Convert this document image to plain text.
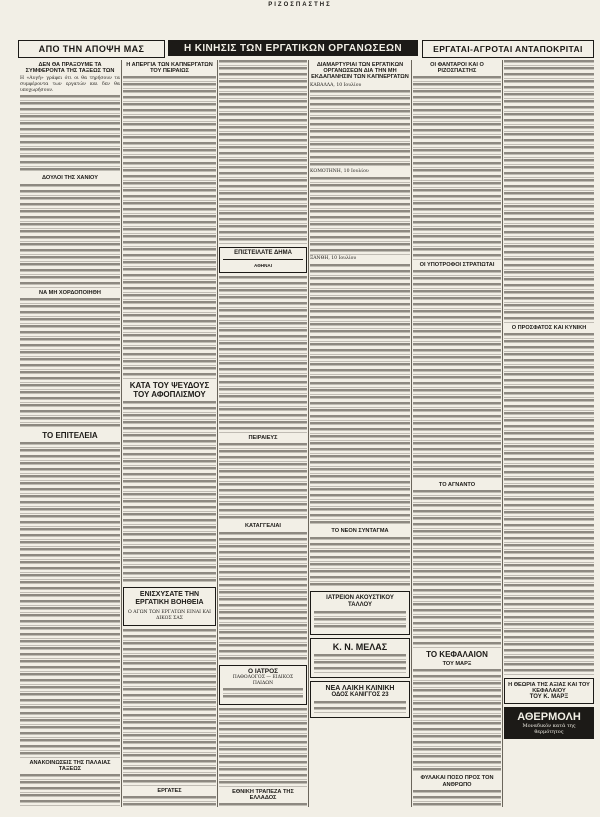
ΡΙΖΟΣΠΑΣΤΗΣ
ΑΠΟ ΤΗΝ ΑΠΟΨΗ ΜΑΣ	Η ΚΙΝΗΣΙΣ ΤΩΝ ΕΡΓΑΤΙΚΩΝ ΟΡΓΑΝΩΣΕΩΝ	ΕΡΓΑΤΑΙ-ΑΓΡΟΤΑΙ ΑΝΤΑΠΟΚΡΙΤΑΙ
ΔΕΝ ΘΑ ΠΡΑΞΟΥΜΕ ΤΑ ΣΥΜΦΕΡΟΝΤΑ ΤΗΣ ΤΑΞΕΩΣ ΤΩΝ

Η «Αυγή» γράφει ότι οι θα τηρήσουν τα συμφέροντα των εργατών και δεν θα υποχωρήσουν.

ΔΟΥΛΟΙ ΤΗΣ ΧΑΝΙΟΥ
ΝΑ ΜΗ ΧΟΡΔΟΠΟΙΗΘΗ
ΤΟ ΕΠΙΤΕΛΕΙΑ
ΑΝΑΚΟΙΝΩΣΕΙΣ ΤΗΣ ΠΑΛΑΙΑΣ ΤΑΞΕΩΣ
Η ΑΠΕΡΓΙΑ ΤΩΝ ΚΑΠΝΕΡΓΑΤΩΝ ΤΟΥ ΠΕΙΡΑΙΩΣ
ΚΑΤΑ ΤΟΥ ΨΕΥΔΟΥΣ ΤΟΥ ΑΦΟΠΛΙΣΜΟΥ
ΕΝΙΣΧΥΣΑΤΕ ΤΗΝ ΕΡΓΑΤΙΚΗ ΒΟΗΘΕΙΑ
Ο ΑΓΩΝ ΤΩΝ ΕΡΓΑΤΩΝ ΕΙΝΑΙ ΚΑΙ ΔΙΚΟΣ ΣΑΣ
ΕΡΓΑΤΕΣ
ΕΠΙΣΤΕΙΛΑΤΕ ΔΗΜΑ
ΑΘΗΝΑΙ
ΠΕΙΡΑΙΕΥΣ
ΚΑΤΑΓΓΕΛΙΑΙ
Ο ΙΑΤΡΟΣ
ΠΑΘΟΛΟΓΟΣ — ΕΙΔΙΚΟΣ ΠΑΙΔΩΝ
ΕΘΝΙΚΗ ΤΡΑΠΕΖΑ ΤΗΣ ΕΛΛΑΔΟΣ
ΔΙΑΜΑΡΤΥΡΙΑΙ ΤΩΝ ΕΡΓΑΤΙΚΩΝ ΟΡΓΑΝΩΣΕΩΝ ΔΙΑ ΤΗΝ ΜΗ ΕΚΔΑΠΑΝΗΣΙΝ ΤΩΝ ΚΑΠΝΕΡΓΑΤΩΝ

ΚΑΒΑΛΛΑ, 10 Ιουλίου

ΚΟΜΟΤΗΝΗ, 10 Ιουλίου

ΞΑΝΘΗ, 10 Ιουλίου

ΤΟ ΝΕΟΝ ΣΥΝΤΑΓΜΑ
ΙΑΤΡΕΙΟΝ ΑΚΟΥΣΤΙΚΟΥ ΤΑΛΛΟΥ
Κ. Ν. ΜΕΛΑΣ
ΝΕΑ ΛΑΙΚΗ ΚΛΙΝΙΚΗ
ΟΔΟΣ ΚΑΝΙΓΓΟΣ 23
ΟΙ ΦΑΝΤΑΡΟΙ ΚΑΙ Ο ΡΙΖΟΣΠΑΣΤΗΣ
ΟΙ ΥΠΟΤΡΟΦΟΙ ΣΤΡΑΤΙΩΤΑΙ
ΤΟ ΑΓΝΑΝΤΟ
ΤΟ ΚΕΦΑΛΑΙΟΝ
ΤΟΥ ΜΑΡΞ
ΦΥΛΑΚΑΙ ΠΟΣΟ ΠΡΟΣ ΤΟΝ ΑΝΘΡΩΠΟ
Ο ΠΡΟΣΦΑΤΟΣ ΚΑΙ ΚΥΝΙΚΗ
Η ΘΕΩΡΙΑ ΤΗΣ ΑΞΙΑΣ ΚΑΙ ΤΟΥ ΚΕΦΑΛΑΙΟΥ
ΤΟΥ Κ. ΜΑΡΞ
ΑΘΕΡΜΟΛΗ
Μοναδικόν κατά της θερμότητος
